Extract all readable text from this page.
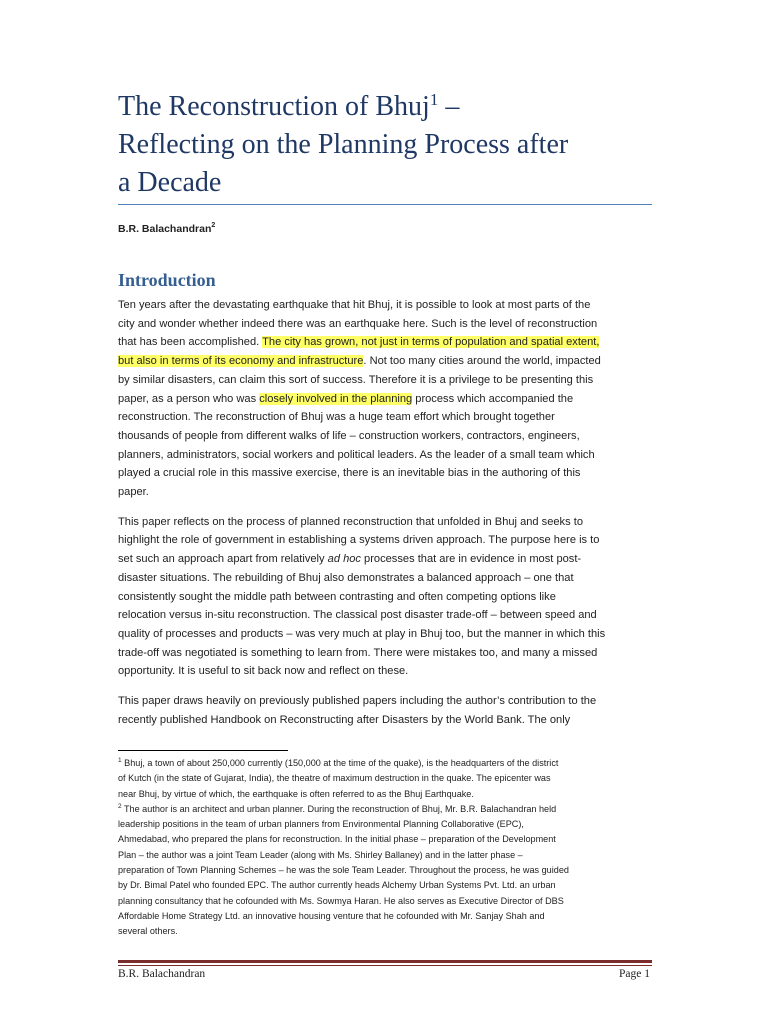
The Reconstruction of Bhuj$^1$ –
Reflecting on the Planning Process after
a Decade
B.R. Balachandran$^2$
Introduction

Ten years after the devastating earthquake that hit Bhuj, it is possible to look at most parts of the
city and wonder whether indeed there was an earthquake here. Such is the level of reconstruction
that has been accomplished. The city has grown, not just in terms of population and spatial extent,
but also in terms of its economy and infrastructure. Not too many cities around the world, impacted
by similar disasters, can claim this sort of success. Therefore it is a privilege to be presenting this
paper, as a person who was closely involved in the planning process which accompanied the
reconstruction. The reconstruction of Bhuj was a huge team effort which brought together
thousands of people from different walks of life – construction workers, contractors, engineers,
planners, administrators, social workers and political leaders. As the leader of a small team which
played a crucial role in this massive exercise, there is an inevitable bias in the authoring of this
paper.

This paper reflects on the process of planned reconstruction that unfolded in Bhuj and seeks to
highlight the role of government in establishing a systems driven approach. The purpose here is to
set such an approach apart from relatively ad hoc processes that are in evidence in most post-
disaster situations. The rebuilding of Bhuj also demonstrates a balanced approach – one that
consistently sought the middle path between contrasting and often competing options like
relocation versus in-situ reconstruction. The classical post disaster trade-off – between speed and
quality of processes and products – was very much at play in Bhuj too, but the manner in which this
trade-off was negotiated is something to learn from. There were mistakes too, and many a missed
opportunity. It is useful to sit back now and reflect on these.

This paper draws heavily on previously published papers including the author’s contribution to the
recently published Handbook on Reconstructing after Disasters by the World Bank. The only

$^1$ Bhuj, a town of about 250,000 currently (150,000 at the time of the quake), is the headquarters of the district
of Kutch (in the state of Gujarat, India), the theatre of maximum destruction in the quake. The epicenter was
near Bhuj, by virtue of which, the earthquake is often referred to as the Bhuj Earthquake.
$^2$ The author is an architect and urban planner. During the reconstruction of Bhuj, Mr. B.R. Balachandran held
leadership positions in the team of urban planners from Environmental Planning Collaborative (EPC),
Ahmedabad, who prepared the plans for reconstruction. In the initial phase – preparation of the Development
Plan – the author was a joint Team Leader (along with Ms. Shirley Ballaney) and in the latter phase –
preparation of Town Planning Schemes – he was the sole Team Leader. Throughout the process, he was guided
by Dr. Bimal Patel who founded EPC. The author currently heads Alchemy Urban Systems Pvt. Ltd. an urban
planning consultancy that he cofounded with Ms. Sowmya Haran. He also serves as Executive Director of DBS
Affordable Home Strategy Ltd. an innovative housing venture that he cofounded with Mr. Sanjay Shah and
several others.
B.R. Balachandran	Page 1
